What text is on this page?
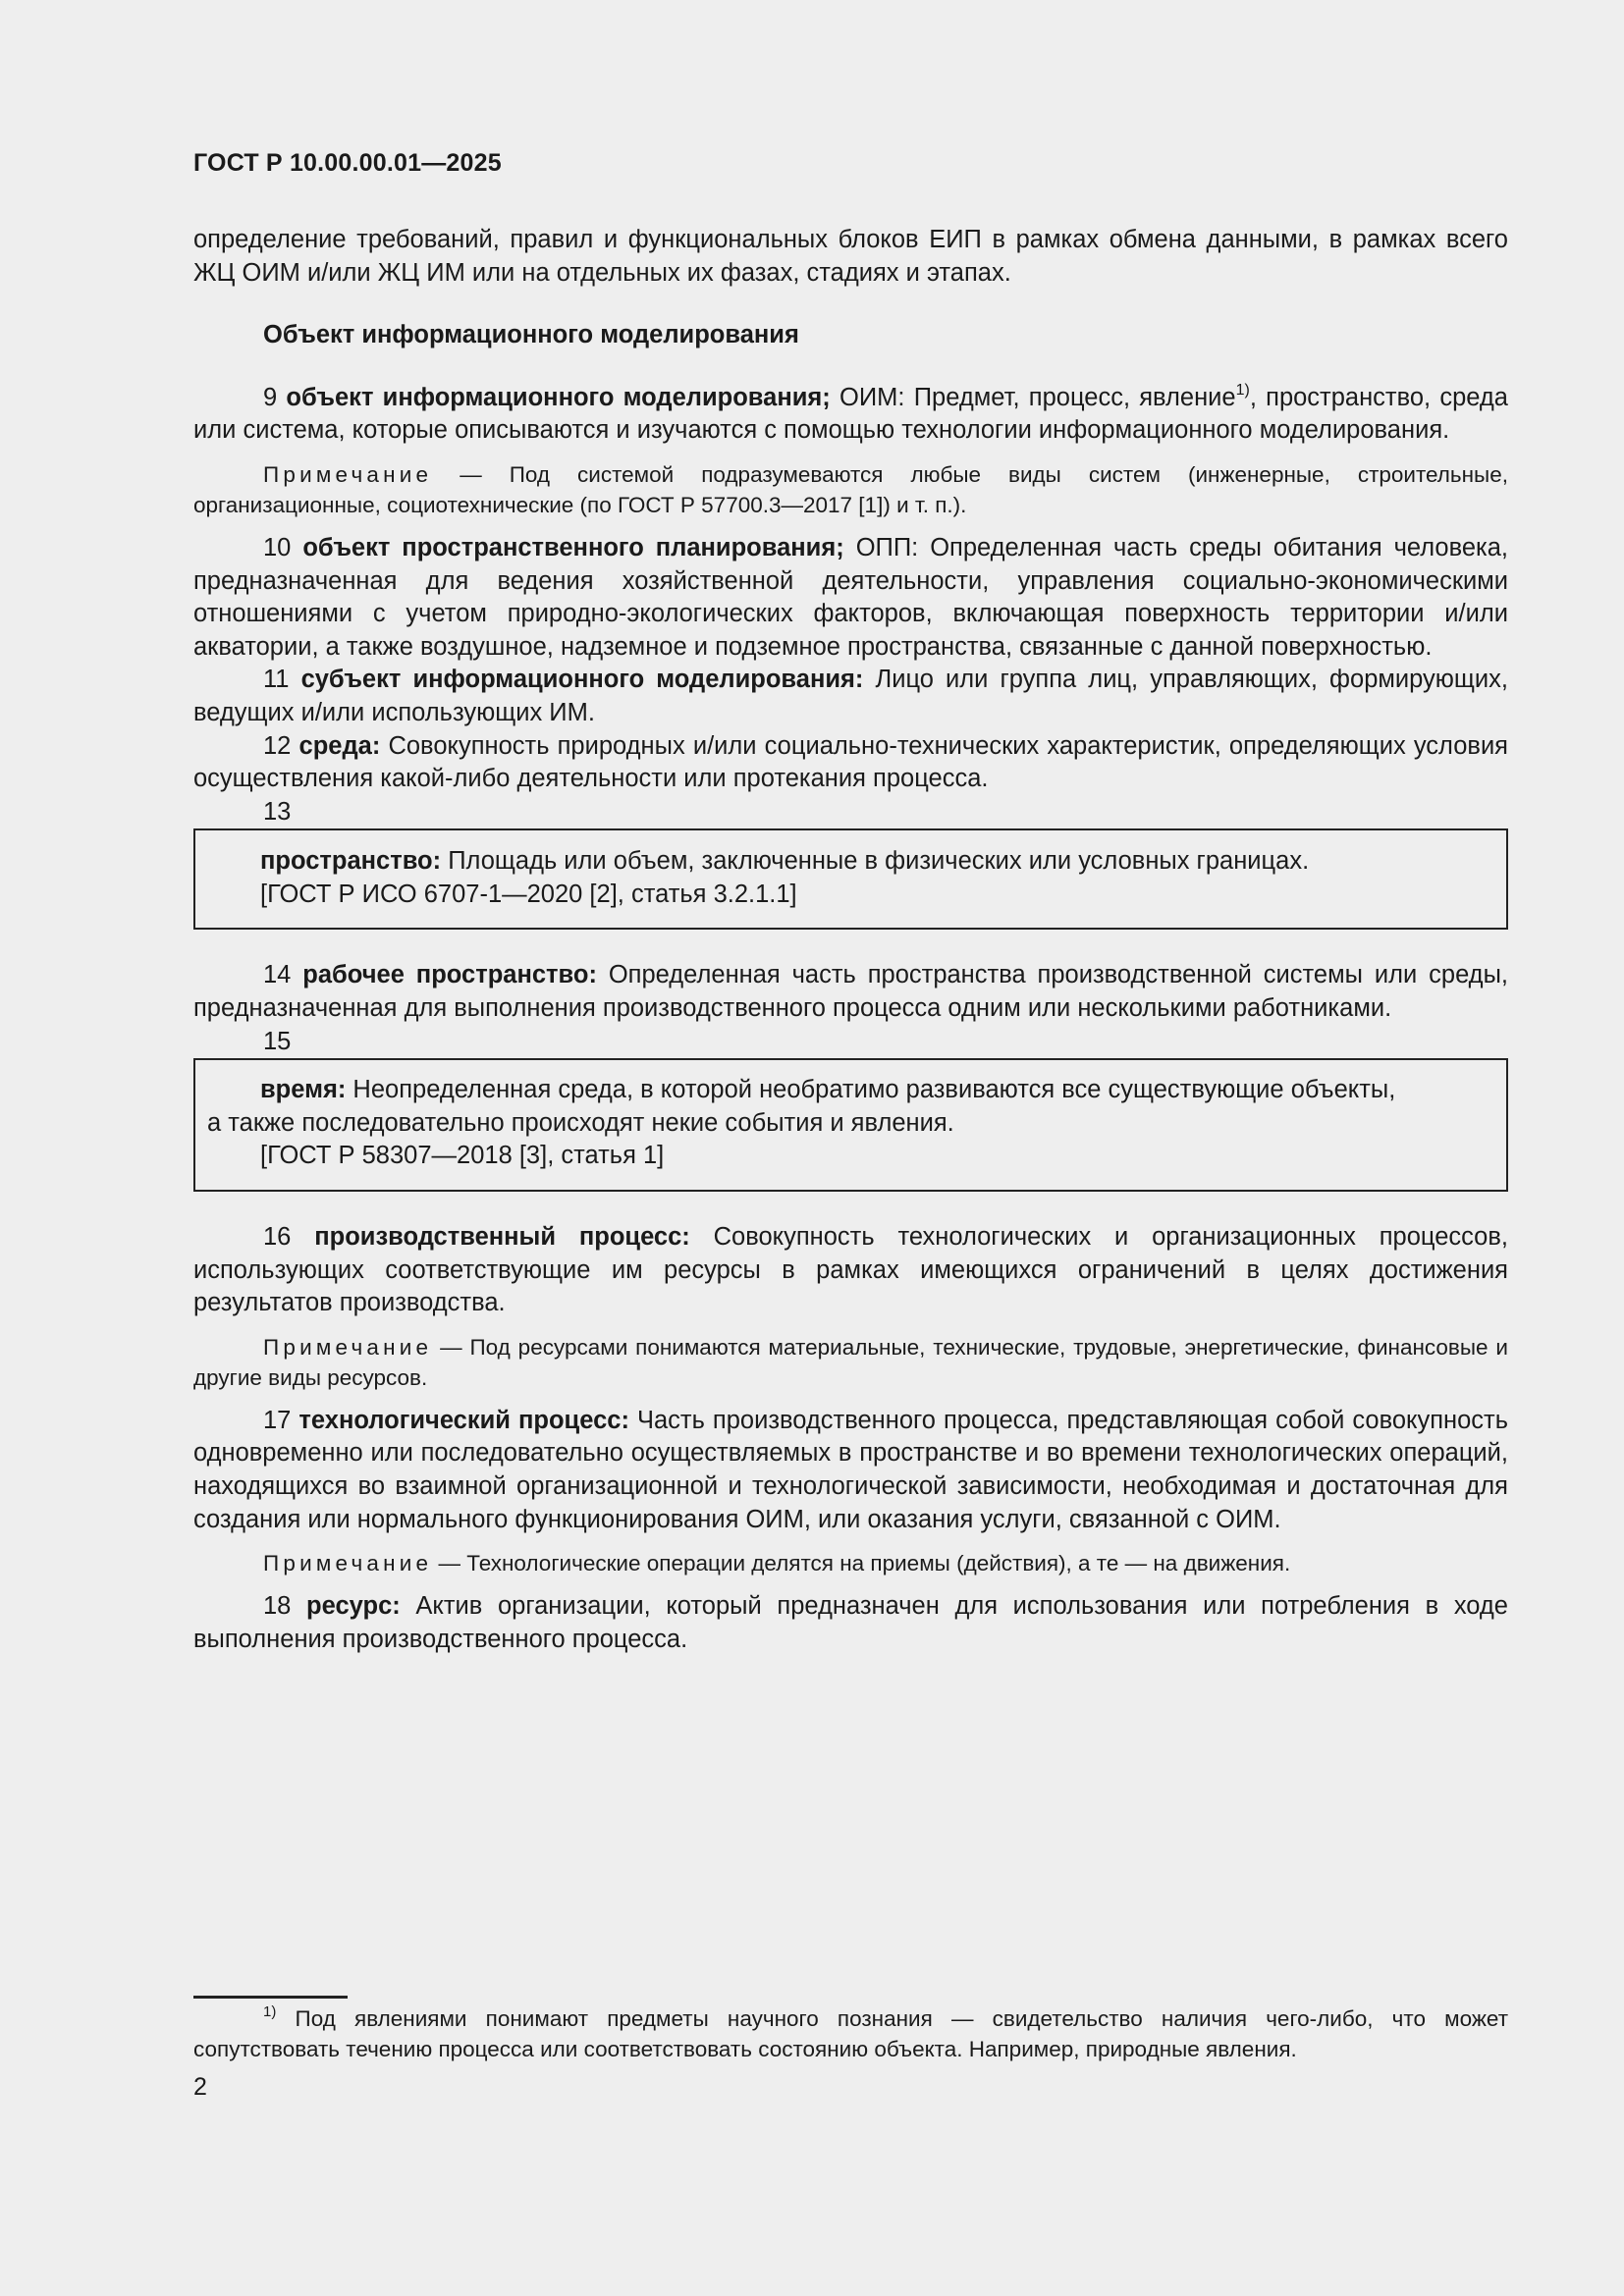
ГОСТ Р 10.00.00.01—2025

определение требований, правил и функциональных блоков ЕИП в рамках обмена данными, в рамках всего ЖЦ ОИМ и/или ЖЦ ИМ или на отдельных их фазах, стадиях и этапах.

Объект информационного моделирования

9 объект информационного моделирования; ОИМ: Предмет, процесс, явление$^{1)}$, пространство, среда или система, которые описываются и изучаются с помощью технологии информационного моделирования.

Примечание — Под системой подразумеваются любые виды систем (инженерные, строительные, организационные, социотехнические (по ГОСТ Р 57700.3—2017 [1]) и т. п.).

10 объект пространственного планирования; ОПП: Определенная часть среды обитания человека, предназначенная для ведения хозяйственной деятельности, управления социально-экономическими отношениями с учетом природно-экологических факторов, включающая поверхность территории и/или акватории, а также воздушное, надземное и подземное пространства, связанные с данной поверхностью.

11 субъект информационного моделирования: Лицо или группа лиц, управляющих, формирующих, ведущих и/или использующих ИМ.

12 среда: Совокупность природных и/или социально-технических характеристик, определяющих условия осуществления какой-либо деятельности или протекания процесса.

13

пространство: Площадь или объем, заключенные в физических или условных границах.

[ГОСТ Р ИСО 6707-1—2020 [2], статья 3.2.1.1]

14 рабочее пространство: Определенная часть пространства производственной системы или среды, предназначенная для выполнения производственного процесса одним или несколькими работниками.

15

время: Неопределенная среда, в которой необратимо развиваются все существующие объекты,

а также последовательно происходят некие события и явления.

[ГОСТ Р 58307—2018 [3], статья 1]

16 производственный процесс: Совокупность технологических и организационных процессов, использующих соответствующие им ресурсы в рамках имеющихся ограничений в целях достижения результатов производства.

Примечание — Под ресурсами понимаются материальные, технические, трудовые, энергетические, финансовые и другие виды ресурсов.

17 технологический процесс: Часть производственного процесса, представляющая собой совокупность одновременно или последовательно осуществляемых в пространстве и во времени технологических операций, находящихся во взаимной организационной и технологической зависимости, необходимая и достаточная для создания или нормального функционирования ОИМ, или оказания услуги, связанной с ОИМ.

Примечание — Технологические операции делятся на приемы (действия), а те — на движения.

18 ресурс: Актив организации, который предназначен для использования или потребления в ходе выполнения производственного процесса.

$^{1)}$ Под явлениями понимают предметы научного познания — свидетельство наличия чего-либо, что может сопутствовать течению процесса или соответствовать состоянию объекта. Например, природные явления.
2
